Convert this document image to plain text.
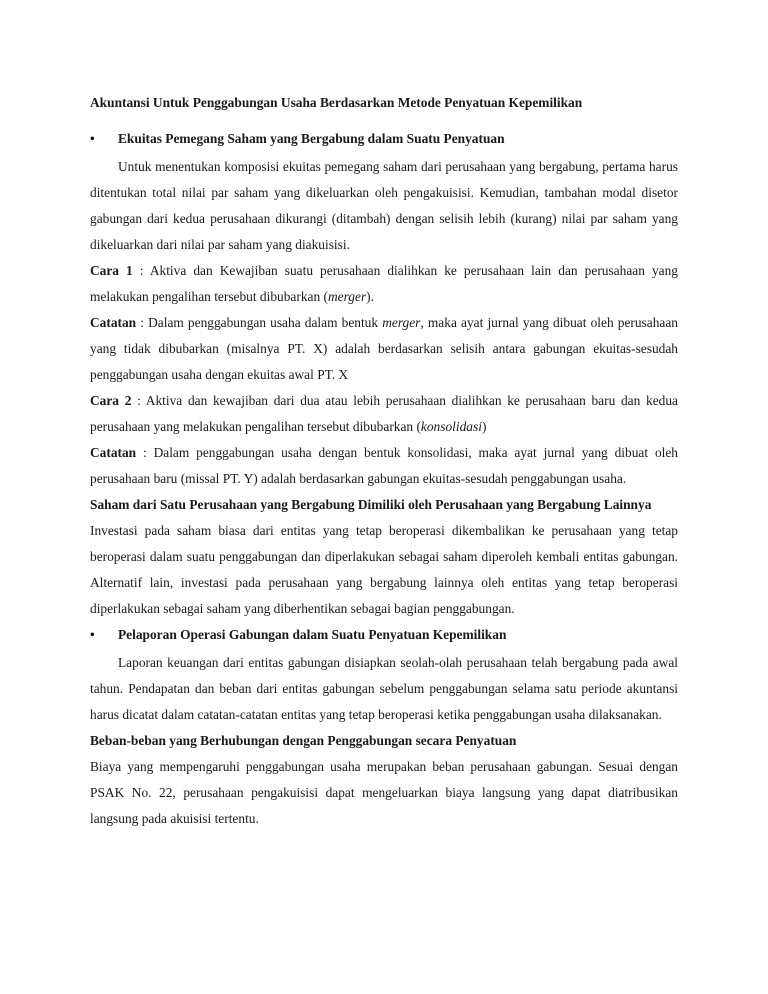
Akuntansi Untuk Penggabungan Usaha Berdasarkan Metode Penyatuan Kepemilikan

•	Ekuitas Pemegang Saham yang Bergabung dalam Suatu Penyatuan

Untuk menentukan komposisi ekuitas pemegang saham dari perusahaan yang bergabung, pertama harus ditentukan total nilai par saham yang dikeluarkan oleh pengakuisisi. Kemudian, tambahan modal disetor gabungan dari kedua perusahaan dikurangi (ditambah) dengan selisih lebih (kurang) nilai par saham yang dikeluarkan dari nilai par saham yang diakuisisi.

Cara 1 : Aktiva dan Kewajiban suatu perusahaan dialihkan ke perusahaan lain dan perusahaan yang melakukan pengalihan tersebut dibubarkan (merger).

Catatan : Dalam penggabungan usaha dalam bentuk merger, maka ayat jurnal yang dibuat oleh perusahaan yang tidak dibubarkan (misalnya PT. X) adalah berdasarkan selisih antara gabungan ekuitas-sesudah penggabungan usaha dengan ekuitas awal PT. X

Cara 2 : Aktiva dan kewajiban dari dua atau lebih perusahaan dialihkan ke perusahaan baru dan kedua perusahaan yang melakukan pengalihan tersebut dibubarkan (konsolidasi)

Catatan : Dalam penggabungan usaha dengan bentuk konsolidasi, maka ayat jurnal yang dibuat oleh perusahaan baru (missal PT. Y) adalah berdasarkan gabungan ekuitas-sesudah penggabungan usaha.

Saham dari Satu Perusahaan yang Bergabung Dimiliki oleh Perusahaan yang Bergabung Lainnya

Investasi pada saham biasa dari entitas yang tetap beroperasi dikembalikan ke perusahaan yang tetap beroperasi dalam suatu penggabungan dan diperlakukan sebagai saham diperoleh kembali entitas gabungan. Alternatif lain, investasi pada perusahaan yang bergabung lainnya oleh entitas yang tetap beroperasi diperlakukan sebagai saham yang diberhentikan sebagai bagian penggabungan.

•	Pelaporan Operasi Gabungan dalam Suatu Penyatuan Kepemilikan

Laporan keuangan dari entitas gabungan disiapkan seolah-olah perusahaan telah bergabung pada awal tahun. Pendapatan dan beban dari entitas gabungan sebelum penggabungan selama satu periode akuntansi harus dicatat dalam catatan-catatan entitas yang tetap beroperasi ketika penggabungan usaha dilaksanakan.

Beban-beban yang Berhubungan dengan Penggabungan secara Penyatuan

Biaya yang mempengaruhi penggabungan usaha merupakan beban perusahaan gabungan. Sesuai dengan PSAK No. 22, perusahaan pengakuisisi dapat mengeluarkan biaya langsung yang dapat diatribusikan langsung pada akuisisi tertentu.
